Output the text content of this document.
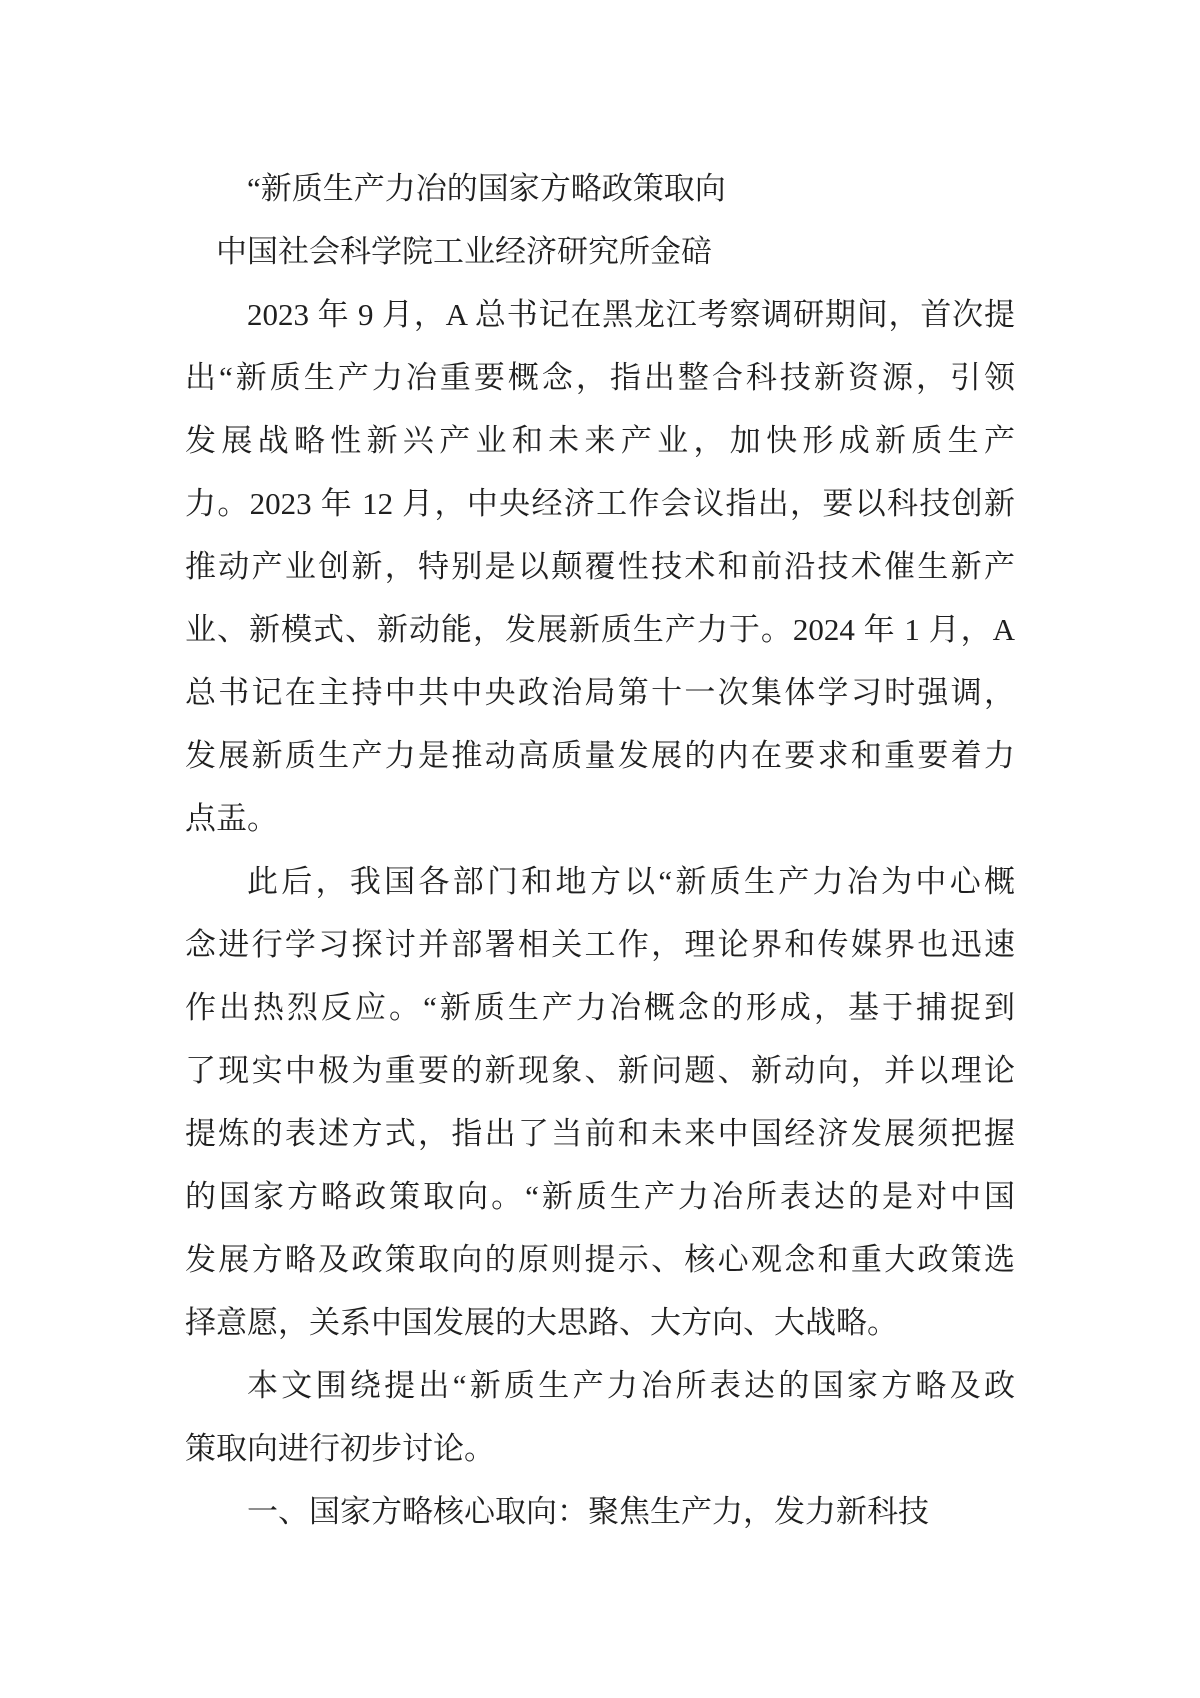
“新质生产力冶的国家方略政策取向
中国社会科学院工业经济研究所金碚
2023 年 9 月，A 总书记在黑龙江考察调研期间，首次提
出“新质生产力冶重要概念，指出整合科技新资源，引领
发展战略性新兴产业和未来产业，加快形成新质生产
力。2023 年 12 月，中央经济工作会议指出，要以科技创新
推动产业创新，特别是以颠覆性技术和前沿技术催生新产
业、新模式、新动能，发展新质生产力于。2024 年 1 月，A
总书记在主持中共中央政治局第十一次集体学习时强调，
发展新质生产力是推动高质量发展的内在要求和重要着力
点盂。
此后，我国各部门和地方以“新质生产力冶为中心概
念进行学习探讨并部署相关工作，理论界和传媒界也迅速
作出热烈反应。“新质生产力冶概念的形成，基于捕捉到
了现实中极为重要的新现象、新问题、新动向，并以理论
提炼的表述方式，指出了当前和未来中国经济发展须把握
的国家方略政策取向。“新质生产力冶所表达的是对中国
发展方略及政策取向的原则提示、核心观念和重大政策选
择意愿，关系中国发展的大思路、大方向、大战略。
本文围绕提出“新质生产力冶所表达的国家方略及政
策取向进行初步讨论。
一、国家方略核心取向：聚焦生产力，发力新科技
